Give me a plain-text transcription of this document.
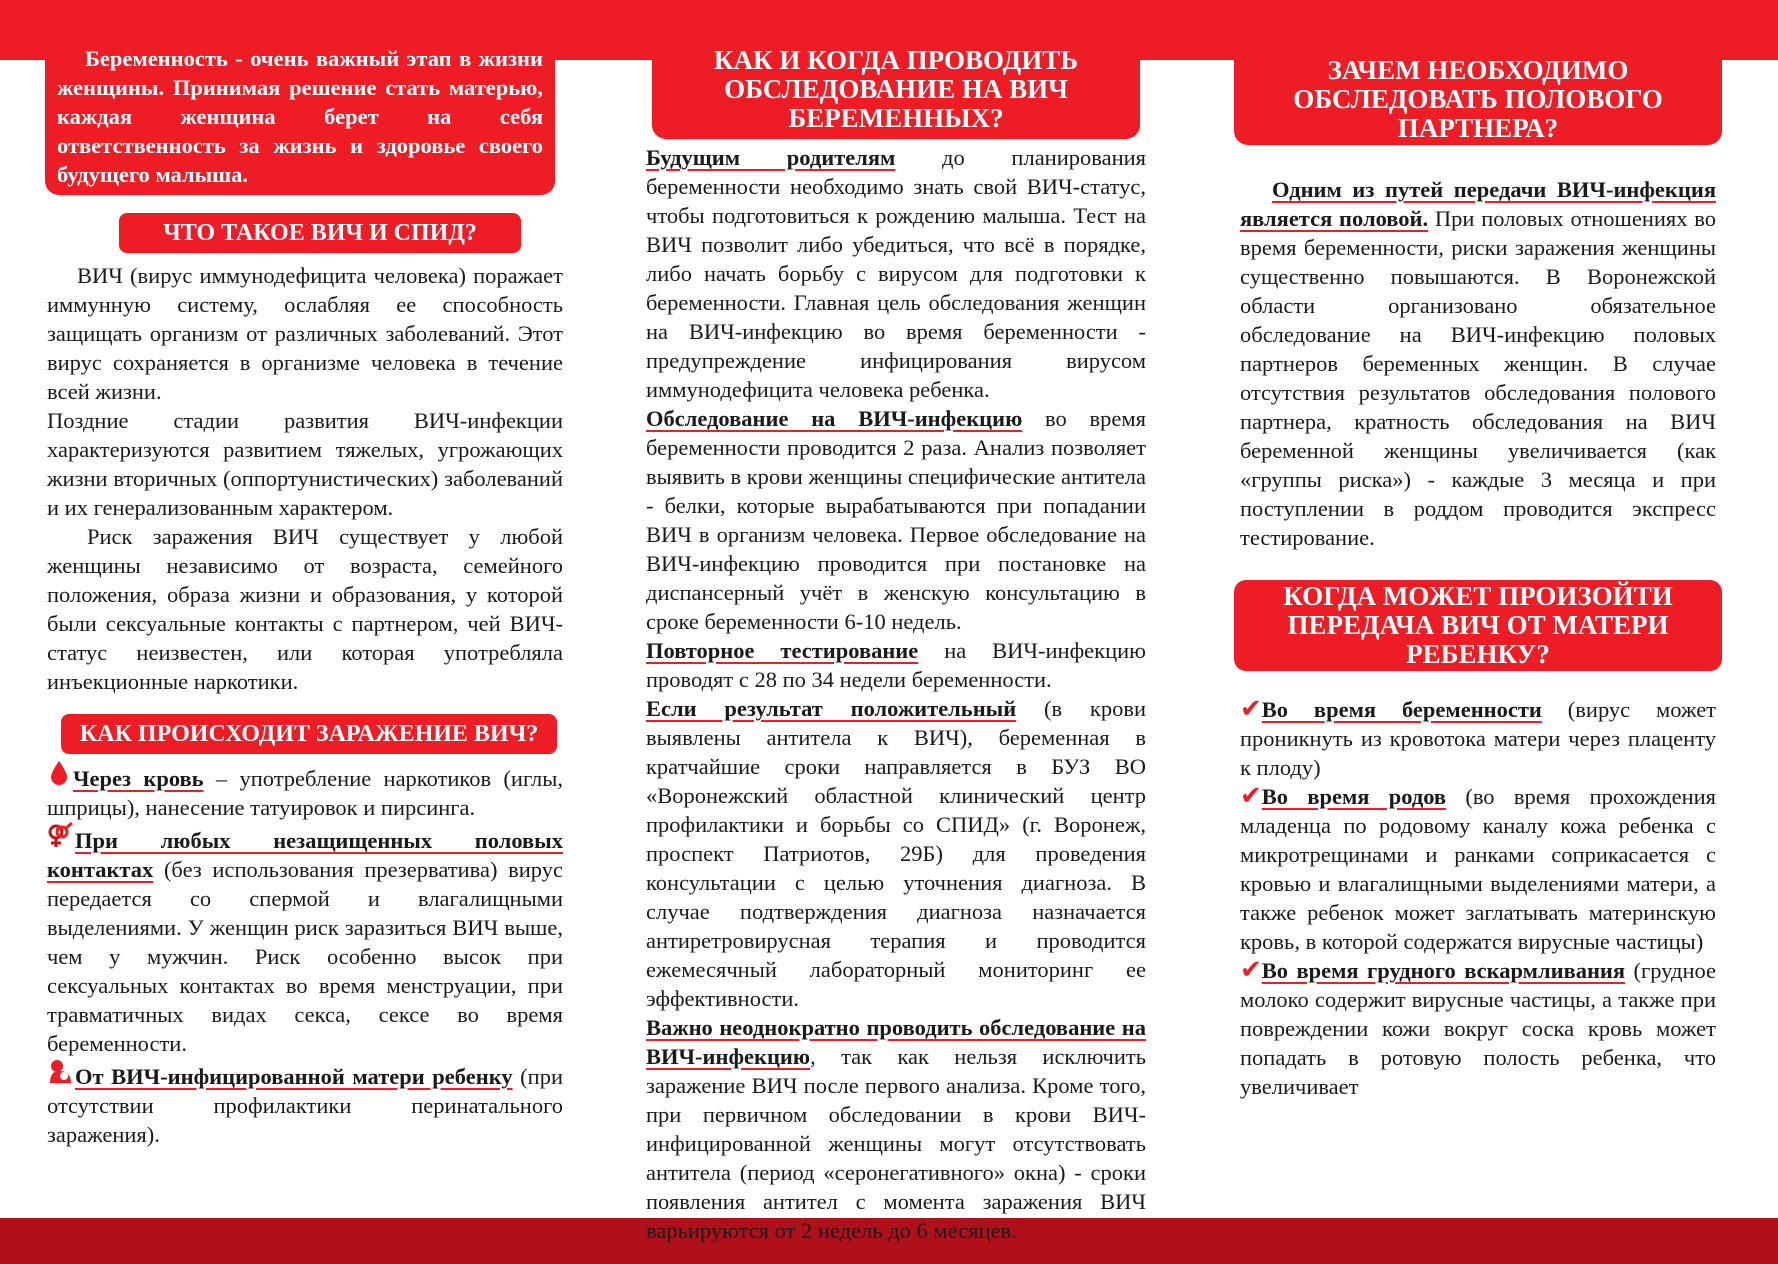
Беременность - очень важный этап в жизни женщины. Принимая решение стать матерью, каждая женщина берет на себя ответственность за жизнь и здоровье своего будущего малыша.
ЧТО ТАКОЕ ВИЧ И СПИД?

ВИЧ (вирус иммунодефицита человека) поражает иммунную систему, ослабляя ее способность защищать организм от различных заболеваний. Этот вирус сохраняется в организме человека в течение всей жизни.

Поздние стадии развития ВИЧ-инфекции характеризуются развитием тяжелых, угрожающих жизни вторичных (оппортунистических) заболеваний и их генерализованным характером.

Риск заражения ВИЧ существует у любой женщины независимо от возраста, семейного положения, образа жизни и образования, у которой были сексуальные контакты с партнером, чей ВИЧ-статус неизвестен, или которая употребляла инъекционные наркотики.

КАК ПРОИСХОДИТ ЗАРАЖЕНИЕ ВИЧ?

Через кровь – употребление наркотиков (иглы, шприцы), нанесение татуировок и пирсинга.

При любых незащищенных половых контактах (без использования презерватива) вирус передается со спермой и влагалищными выделениями. У женщин риск заразиться ВИЧ выше, чем у мужчин. Риск особенно высок при сексуальных контактах во время менструации, при травматичных видах секса, сексе во время беременности.

От ВИЧ-инфицированной матери ребенку (при отсутствии профилактики перинатального заражения).

КАК И КОГДА ПРОВОДИТЬ ОБСЛЕДОВАНИЕ НА ВИЧ БЕРЕМЕННЫХ?

Будущим родителям до планирования беременности необходимо знать свой ВИЧ-статус, чтобы подготовиться к рождению малыша. Тест на ВИЧ позволит либо убедиться, что всё в порядке, либо начать борьбу с вирусом для подготовки к беременности. Главная цель обследования женщин на ВИЧ-инфекцию во время беременности - предупреждение инфицирования вирусом иммунодефицита человека ребенка.

Обследование на ВИЧ-инфекцию во время беременности проводится 2 раза. Анализ позволяет выявить в крови женщины специфические антитела - белки, которые вырабатываются при попадании ВИЧ в организм человека. Первое обследование на ВИЧ-инфекцию проводится при постановке на диспансерный учёт в женскую консультацию в сроке беременности 6-10 недель.

Повторное тестирование на ВИЧ-инфекцию проводят с 28 по 34 недели беременности.

Если результат положительный (в крови выявлены антитела к ВИЧ), беременная в кратчайшие сроки направляется в БУЗ ВО «Воронежский областной клинический центр профилактики и борьбы со СПИД» (г. Воронеж, проспект Патриотов, 29Б) для проведения консультации с целью уточнения диагноза. В случае подтверждения диагноза назначается антиретровирусная терапия и проводится ежемесячный лабораторный мониторинг ее эффективности.

Важно неоднократно проводить обследование на ВИЧ-инфекцию, так как нельзя исключить заражение ВИЧ после первого анализа. Кроме того, при первичном обследовании в крови ВИЧ-инфицированной женщины могут отсутствовать антитела (период «серонегативного» окна) - сроки появления антител с момента заражения ВИЧ варьируются от 2 недель до 6 месяцев.

ЗАЧЕМ НЕОБХОДИМО ОБСЛЕДОВАТЬ ПОЛОВОГО ПАРТНЕРА?

Одним из путей передачи ВИЧ-инфекция является половой. При половых отношениях во время беременности, риски заражения женщины существенно повышаются. В Воронежской области организовано обязательное обследование на ВИЧ-инфекцию половых партнеров беременных женщин. В случае отсутствия результатов обследования полового партнера, кратность обследования на ВИЧ беременной женщины увеличивается (как «группы риска») - каждые 3 месяца и при поступлении в роддом проводится экспресс тестирование.

КОГДА МОЖЕТ ПРОИЗОЙТИ ПЕРЕДАЧА ВИЧ ОТ МАТЕРИ РЕБЕНКУ?

✔Во время беременности (вирус может проникнуть из кровотока матери через плаценту к плоду)

✔Во время родов (во время прохождения младенца по родовому каналу кожа ребенка с микротрещинами и ранками соприкасается с кровью и влагалищными выделениями матери, а также ребенок может заглатывать материнскую кровь, в которой содержатся вирусные частицы)

✔Во время грудного вскармливания (грудное молоко содержит вирусные частицы, а также при повреждении кожи вокруг соска кровь может попадать в ротовую полость ребенка, что увеличивает
